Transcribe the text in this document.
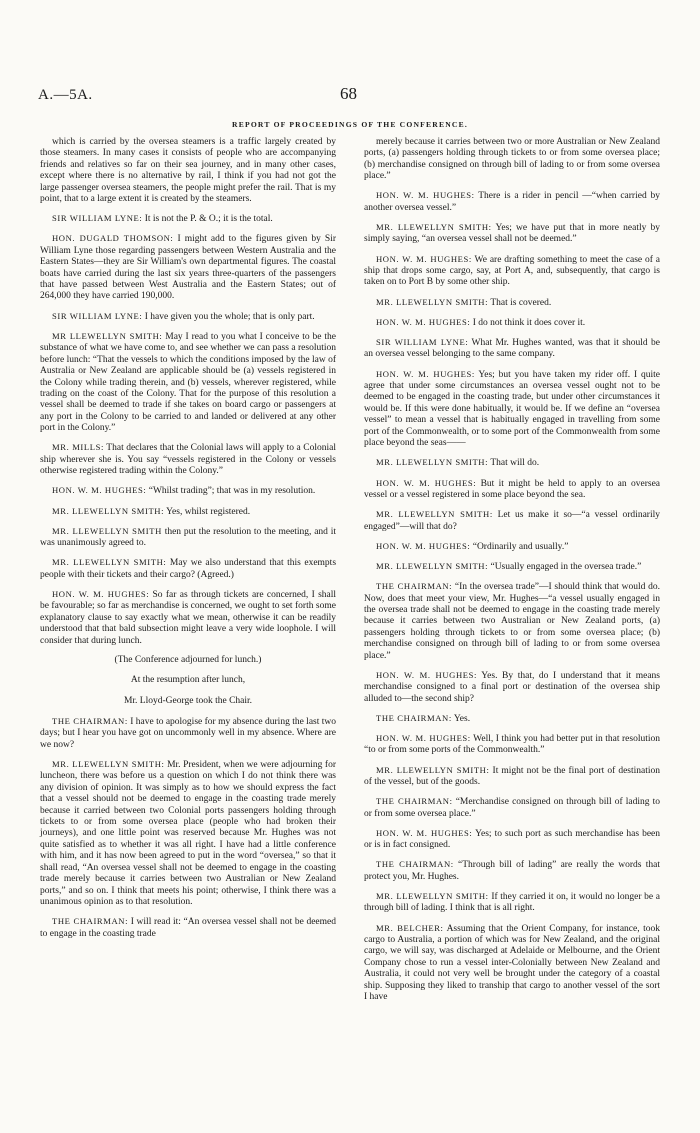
A.—5A.	68
REPORT OF PROCEEDINGS OF THE CONFERENCE.

which is carried by the oversea steamers is a traffic largely created by those steamers. In many cases it consists of people who are accompanying friends and relatives so far on their sea journey, and in many other cases, except where there is no alternative by rail, I think if you had not got the large passenger oversea steamers, the people might prefer the rail. That is my point, that to a large extent it is created by the steamers.

SIR WILLIAM LYNE: It is not the P. & O.; it is the total.

HON. DUGALD THOMSON: I might add to the figures given by Sir William Lyne those regarding passengers between Western Australia and the Eastern States—they are Sir William's own departmental figures. The coastal boats have carried during the last six years three-quarters of the passengers that have passed between West Australia and the Eastern States; out of 264,000 they have carried 190,000.

SIR WILLIAM LYNE: I have given you the whole; that is only part.

MR LLEWELLYN SMITH: May I read to you what I conceive to be the substance of what we have come to, and see whether we can pass a resolution before lunch: “That the vessels to which the conditions imposed by the law of Australia or New Zealand are applicable should be (a) vessels registered in the Colony while trading therein, and (b) vessels, wherever registered, while trading on the coast of the Colony. That for the purpose of this resolution a vessel shall be deemed to trade if she takes on board cargo or passengers at any port in the Colony to be carried to and landed or delivered at any other port in the Colony.”

MR. MILLS: That declares that the Colonial laws will apply to a Colonial ship wherever she is. You say “vessels registered in the Colony or vessels otherwise registered trading within the Colony.”

HON. W. M. HUGHES: “Whilst trading”; that was in my resolution.

MR. LLEWELLYN SMITH: Yes, whilst registered.

MR. LLEWELLYN SMITH then put the resolution to the meeting, and it was unanimously agreed to.

MR. LLEWELLYN SMITH: May we also understand that this exempts people with their tickets and their cargo? (Agreed.)

HON. W. M. HUGHES: So far as through tickets are concerned, I shall be favourable; so far as merchandise is concerned, we ought to set forth some explanatory clause to say exactly what we mean, otherwise it can be readily understood that that bald subsection might leave a very wide loophole. I will consider that during lunch.

(The Conference adjourned for lunch.)

At the resumption after lunch,

Mr. Lloyd-George took the Chair.

THE CHAIRMAN: I have to apologise for my absence during the last two days; but I hear you have got on uncommonly well in my absence. Where are we now?

MR. LLEWELLYN SMITH: Mr. President, when we were adjourning for luncheon, there was before us a question on which I do not think there was any division of opinion. It was simply as to how we should express the fact that a vessel should not be deemed to engage in the coasting trade merely because it carried between two Colonial ports passengers holding through tickets to or from some oversea place (people who had broken their journeys), and one little point was reserved because Mr. Hughes was not quite satisfied as to whether it was all right. I have had a little conference with him, and it has now been agreed to put in the word “oversea,” so that it shall read, “An oversea vessel shall not be deemed to engage in the coasting trade merely because it carries between two Australian or New Zealand ports,” and so on. I think that meets his point; otherwise, I think there was a unanimous opinion as to that resolution.

THE CHAIRMAN: I will read it: “An oversea vessel shall not be deemed to engage in the coasting trade

merely because it carries between two or more Australian or New Zealand ports, (a) passengers holding through tickets to or from some oversea place; (b) merchandise consigned on through bill of lading to or from some oversea place.”

HON. W. M. HUGHES: There is a rider in pencil —“when carried by another oversea vessel.”

MR. LLEWELLYN SMITH: Yes; we have put that in more neatly by simply saying, “an oversea vessel shall not be deemed.”

HON. W. M. HUGHES: We are drafting something to meet the case of a ship that drops some cargo, say, at Port A, and, subsequently, that cargo is taken on to Port B by some other ship.

MR. LLEWELLYN SMITH: That is covered.

HON. W. M. HUGHES: I do not think it does cover it.

SIR WILLIAM LYNE: What Mr. Hughes wanted, was that it should be an oversea vessel belonging to the same company.

HON. W. M. HUGHES: Yes; but you have taken my rider off. I quite agree that under some circumstances an oversea vessel ought not to be deemed to be engaged in the coasting trade, but under other circumstances it would be. If this were done habitually, it would be. If we define an “oversea vessel” to mean a vessel that is habitually engaged in travelling from some port of the Commonwealth, or to some port of the Commonwealth from some place beyond the seas——

MR. LLEWELLYN SMITH: That will do.

HON. W. M. HUGHES: But it might be held to apply to an oversea vessel or a vessel registered in some place beyond the sea.

MR. LLEWELLYN SMITH: Let us make it so—“a vessel ordinarily engaged”—will that do?

HON. W. M. HUGHES: “Ordinarily and usually.”

MR. LLEWELLYN SMITH: “Usually engaged in the oversea trade.”

THE CHAIRMAN: “In the oversea trade”—I should think that would do. Now, does that meet your view, Mr. Hughes—“a vessel usually engaged in the oversea trade shall not be deemed to engage in the coasting trade merely because it carries between two Australian or New Zealand ports, (a) passengers holding through tickets to or from some oversea place; (b) merchandise consigned on through bill of lading to or from some oversea place.”

HON. W. M. HUGHES: Yes. By that, do I understand that it means merchandise consigned to a final port or destination of the oversea ship alluded to—the second ship?

THE CHAIRMAN: Yes.

HON. W. M. HUGHES: Well, I think you had better put in that resolution “to or from some ports of the Commonwealth.”

MR. LLEWELLYN SMITH: It might not be the final port of destination of the vessel, but of the goods.

THE CHAIRMAN: “Merchandise consigned on through bill of lading to or from some oversea place.”

HON. W. M. HUGHES: Yes; to such port as such merchandise has been or is in fact consigned.

THE CHAIRMAN: “Through bill of lading” are really the words that protect you, Mr. Hughes.

MR. LLEWELLYN SMITH: If they carried it on, it would no longer be a through bill of lading. I think that is all right.

MR. BELCHER: Assuming that the Orient Company, for instance, took cargo to Australia, a portion of which was for New Zealand, and the original cargo, we will say, was discharged at Adelaide or Melbourne, and the Orient Company chose to run a vessel inter-Colonially between New Zealand and Australia, it could not very well be brought under the category of a coastal ship. Supposing they liked to tranship that cargo to another vessel of the sort I have
